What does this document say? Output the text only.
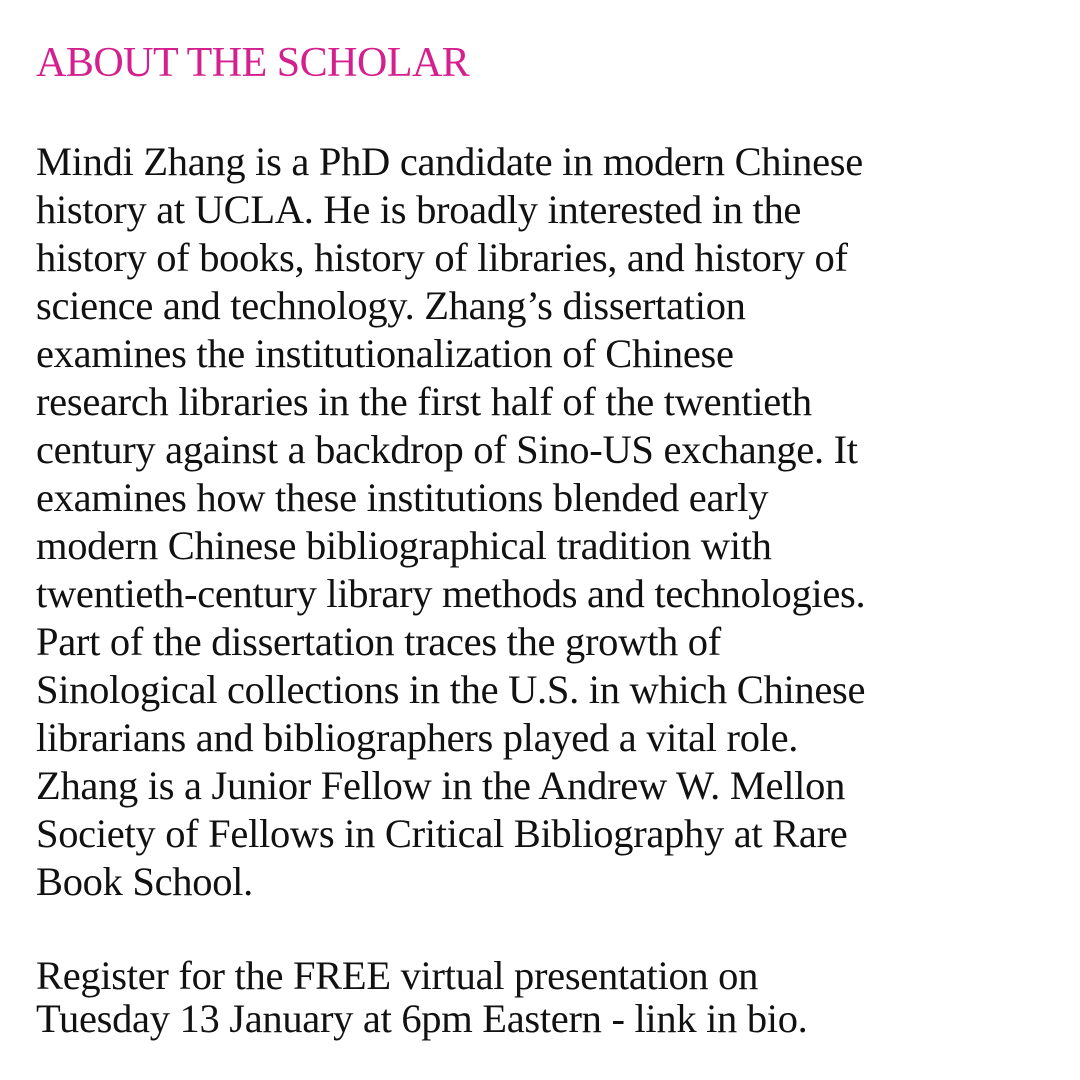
ABOUT THE SCHOLAR
Mindi Zhang is a PhD candidate in modern Chinese
history at UCLA. He is broadly interested in the
history of books, history of libraries, and history of
science and technology. Zhang’s dissertation
examines the institutionalization of Chinese
research libraries in the first half of the twentieth
century against a backdrop of Sino-US exchange. It
examines how these institutions blended early
modern Chinese bibliographical tradition with
twentieth-century library methods and technologies.
Part of the dissertation traces the growth of
Sinological collections in the U.S. in which Chinese
librarians and bibliographers played a vital role.
Zhang is a Junior Fellow in the Andrew W. Mellon
Society of Fellows in Critical Bibliography at Rare
Book School.
Register for the FREE virtual presentation on
Tuesday 13 January at 6pm Eastern - link in bio.
